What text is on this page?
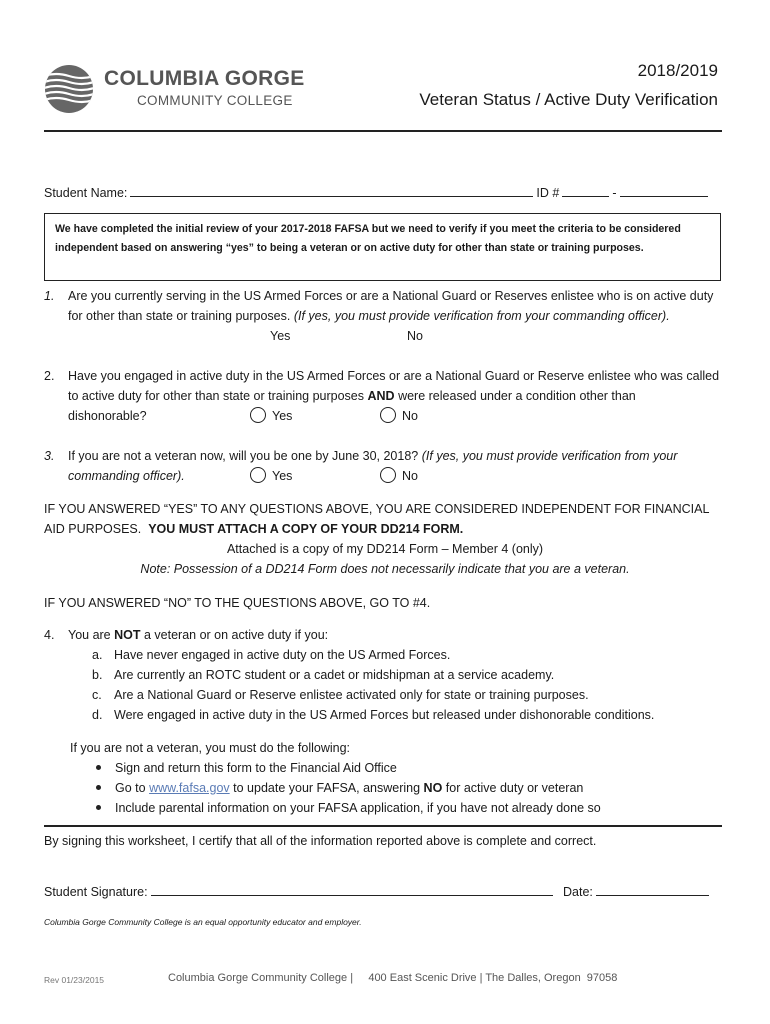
COLUMBIA GORGE
COMMUNITY COLLEGE
2018/2019
Veteran Status / Active Duty Verification
Student Name:	ID #	-
We have completed the initial review of your 2017-2018 FAFSA but we need to verify if you meet the criteria to be considered independent based on answering “yes” to being a veteran or on active duty for other than state or training purposes.
1. Are you currently serving in the US Armed Forces or are a National Guard or Reserves enlistee who is on active duty
for other than state or training purposes. (If yes, you must provide verification from your commanding officer).
Yes	No
2. Have you engaged in active duty in the US Armed Forces or are a National Guard or Reserve enlistee who was called
to active duty for other than state or training purposes AND were released under a condition other than
dishonorable?	Yes	No
3. If you are not a veteran now, will you be one by June 30, 2018? (If yes, you must provide verification from your
commanding officer).	Yes	No
IF YOU ANSWERED “YES” TO ANY QUESTIONS ABOVE, YOU ARE CONSIDERED INDEPENDENT FOR FINANCIAL
AID PURPOSES. YOU MUST ATTACH A COPY OF YOUR DD214 FORM.
Attached is a copy of my DD214 Form – Member 4 (only)
Note: Possession of a DD214 Form does not necessarily indicate that you are a veteran.
IF YOU ANSWERED “NO” TO THE QUESTIONS ABOVE, GO TO #4.
4. You are NOT a veteran or on active duty if you:
a. Have never engaged in active duty on the US Armed Forces.
b. Are currently an ROTC student or a cadet or midshipman at a service academy.
c. Are a National Guard or Reserve enlistee activated only for state or training purposes.
d. Were engaged in active duty in the US Armed Forces but released under dishonorable conditions.
If you are not a veteran, you must do the following:
Sign and return this form to the Financial Aid Office
Go to www.fafsa.gov to update your FAFSA, answering NO for active duty or veteran
Include parental information on your FAFSA application, if you have not already done so
By signing this worksheet, I certify that all of the information reported above is complete and correct.
Student Signature:	Date:
Columbia Gorge Community College is an equal opportunity educator and employer.
Rev 01/23/2015	Columbia Gorge Community College |     400 East Scenic Drive | The Dalles, Oregon  97058
